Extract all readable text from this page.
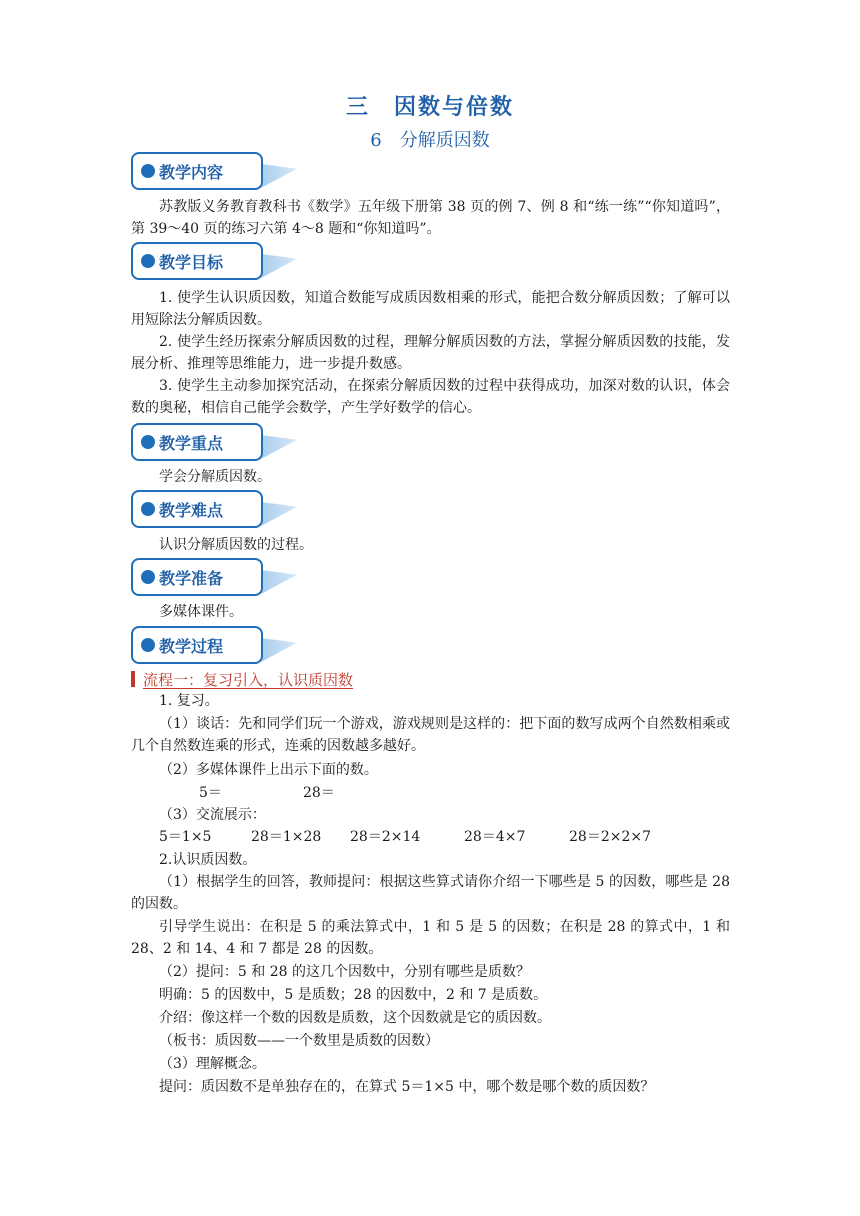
三　因数与倍数
6　分解质因数
教学内容
苏教版义务教育教科书《数学》五年级下册第 38 页的例 7、例 8 和“练一练”“你知道吗”，第 39～40 页的练习六第 4～8 题和“你知道吗”。
教学目标
1. 使学生认识质因数，知道合数能写成质因数相乘的形式，能把合数分解质因数；了解可以用短除法分解质因数。
2. 使学生经历探索分解质因数的过程，理解分解质因数的方法，掌握分解质因数的技能，发展分析、推理等思维能力，进一步提升数感。
3. 使学生主动参加探究活动，在探索分解质因数的过程中获得成功，加深对数的认识，体会数的奥秘，相信自己能学会数学，产生学好数学的信心。
教学重点
学会分解质因数。
教学难点
认识分解质因数的过程。
教学准备
多媒体课件。
教学过程
流程一：复习引入，认识质因数
1. 复习。
（1）谈话：先和同学们玩一个游戏，游戏规则是这样的：把下面的数写成两个自然数相乘或几个自然数连乘的形式，连乘的因数越多越好。
（2）多媒体课件上出示下面的数。
5＝	28＝
（3）交流展示：
5＝1×5	28＝1×28 28＝2×14	28＝4×7	28＝2×2×7
2.认识质因数。
（1）根据学生的回答，教师提问：根据这些算式请你介绍一下哪些是 5 的因数，哪些是 28 的因数。
引导学生说出：在积是 5 的乘法算式中，1 和 5 是 5 的因数；在积是 28 的算式中，1 和 28、2 和 14、4 和 7 都是 28 的因数。
（2）提问：5 和 28 的这几个因数中，分别有哪些是质数？
明确：5 的因数中，5 是质数；28 的因数中，2 和 7 是质数。
介绍：像这样一个数的因数是质数，这个因数就是它的质因数。
（板书：质因数——一个数里是质数的因数）
（3）理解概念。
提问：质因数不是单独存在的，在算式 5＝1×5 中，哪个数是哪个数的质因数？
